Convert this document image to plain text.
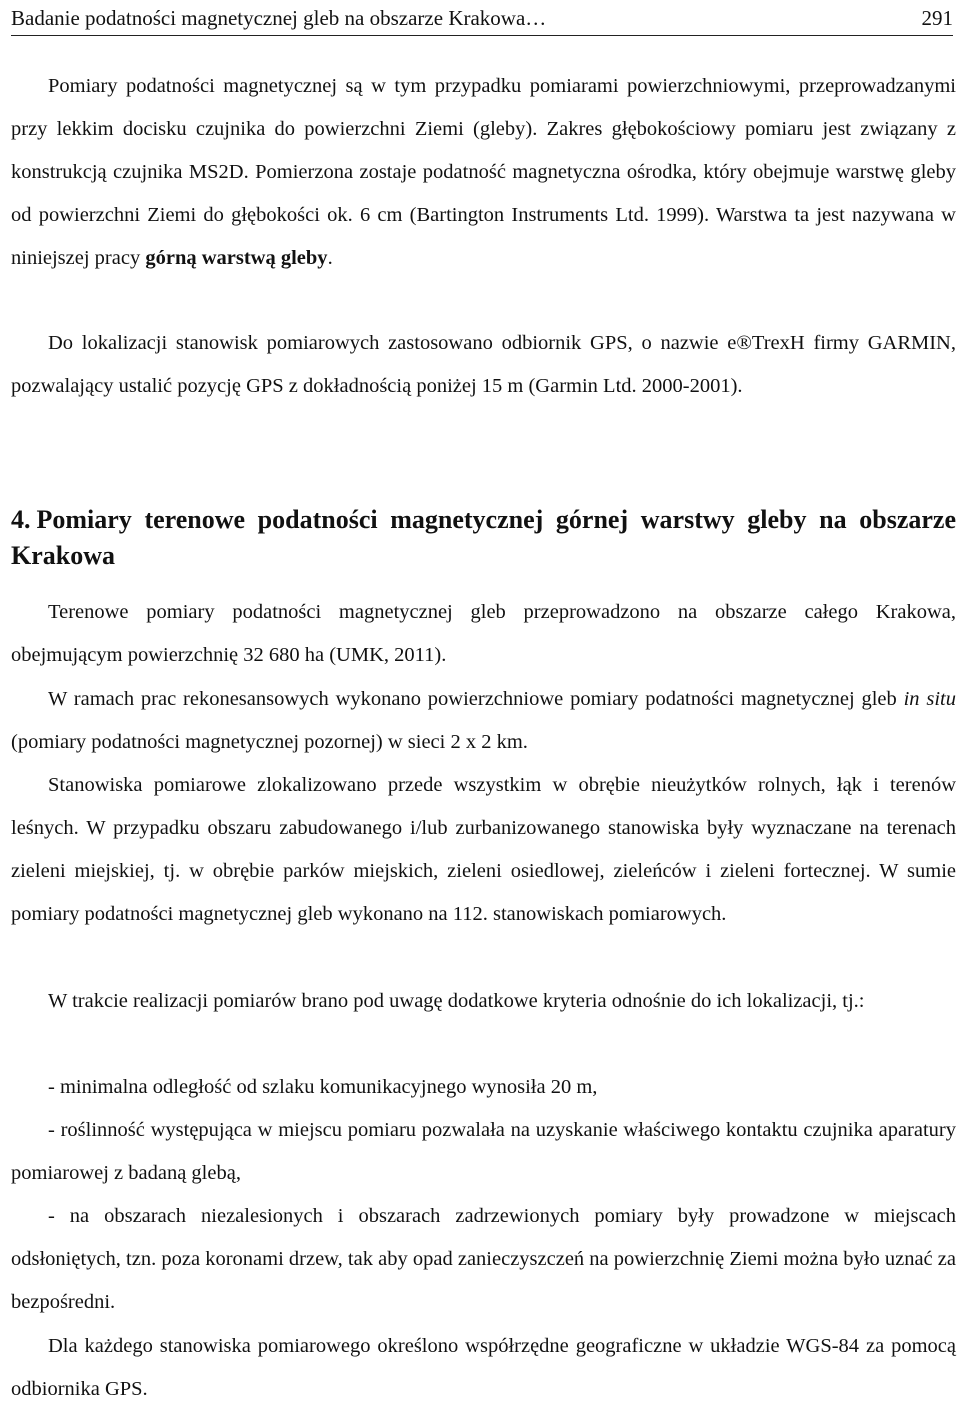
Badanie podatności magnetycznej gleb na obszarze Krakowa…	291

Pomiary podatności magnetycznej są w tym przypadku pomiarami powierzchniowymi, przeprowadzanymi przy lekkim docisku czujnika do powierzchni Ziemi (gleby). Zakres głębokościowy pomiaru jest związany z konstrukcją czujnika MS2D. Pomierzona zostaje podatność magnetyczna ośrodka, który obejmuje warstwę gleby od powierzchni Ziemi do głębokości ok. 6 cm (Bartington Instruments Ltd. 1999). Warstwa ta jest nazywana w niniejszej pracy górną warstwą gleby.

Do lokalizacji stanowisk pomiarowych zastosowano odbiornik GPS, o nazwie e®TrexH firmy GARMIN, pozwalający ustalić pozycję GPS z dokładnością poniżej 15 m (Garmin Ltd. 2000-2001).

4. Pomiary terenowe podatności magnetycznej górnej warstwy gleby na obszarze Krakowa

Terenowe pomiary podatności magnetycznej gleb przeprowadzono na obszarze całego Krakowa, obejmującym powierzchnię 32 680 ha (UMK, 2011).

W ramach prac rekonesansowych wykonano powierzchniowe pomiary podatności magnetycznej gleb in situ (pomiary podatności magnetycznej pozornej) w sieci 2 x 2 km.

Stanowiska pomiarowe zlokalizowano przede wszystkim w obrębie nieużytków rolnych, łąk i terenów leśnych. W przypadku obszaru zabudowanego i/lub zurbanizowanego stanowiska były wyznaczane na terenach zieleni miejskiej, tj. w obrębie parków miejskich, zieleni osiedlowej, zieleńców i zieleni fortecznej. W sumie pomiary podatności magnetycznej gleb wykonano na 112. stanowiskach pomiarowych.

W trakcie realizacji pomiarów brano pod uwagę dodatkowe kryteria odnośnie do ich lokalizacji, tj.:

- minimalna odległość od szlaku komunikacyjnego wynosiła 20 m,

- roślinność występująca w miejscu pomiaru pozwalała na uzyskanie właściwego kontaktu czujnika aparatury pomiarowej z badaną glebą,

- na obszarach niezalesionych i obszarach zadrzewionych pomiary były prowadzone w miejscach odsłoniętych, tzn. poza koronami drzew, tak aby opad zanieczyszczeń na powierzchnię Ziemi można było uznać za bezpośredni.

Dla każdego stanowiska pomiarowego określono współrzędne geograficzne w układzie WGS-84 za pomocą odbiornika GPS.
